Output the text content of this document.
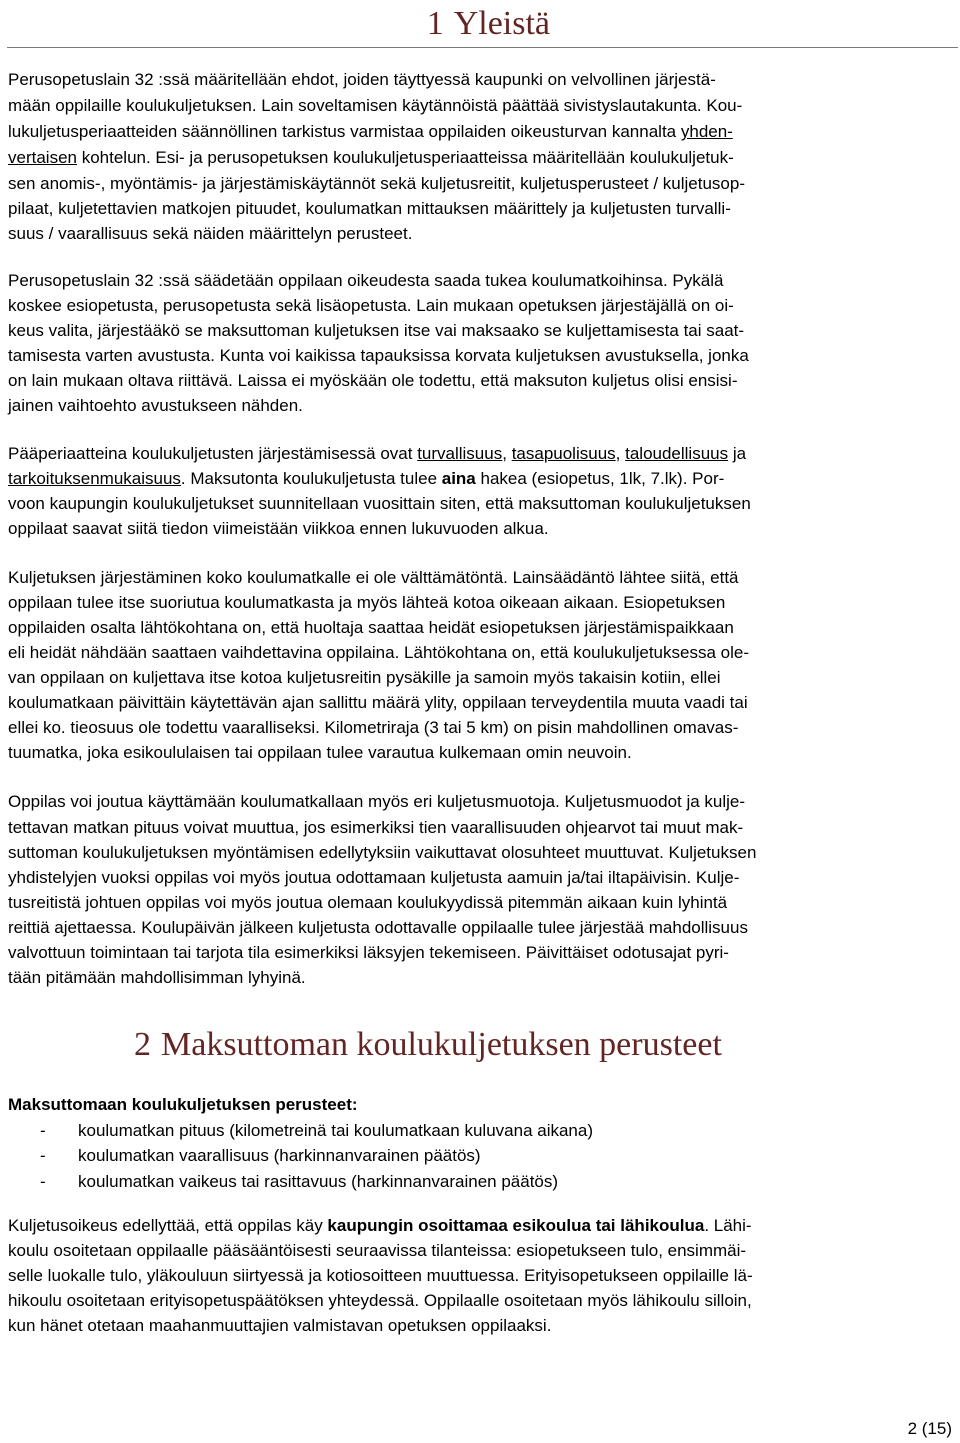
1 Yleistä
Perusopetuslain 32 :ssä määritellään ehdot, joiden täyttyessä kaupunki on velvollinen järjestä-
mään oppilaille koulukuljetuksen. Lain soveltamisen käytännöistä päättää sivistyslautakunta. Kou-
lukuljetusperiaatteiden säännöllinen tarkistus varmistaa oppilaiden oikeusturvan kannalta yhden-
vertaisen kohtelun. Esi- ja perusopetuksen koulukuljetusperiaatteissa määritellään koulukuljetuk-
sen anomis-, myöntämis- ja järjestämiskäytännöt sekä kuljetusreitit, kuljetusperusteet / kuljetusop-
pilaat, kuljetettavien matkojen pituudet, koulumatkan mittauksen määrittely ja kuljetusten turvalli-
suus / vaarallisuus sekä näiden määrittelyn perusteet.
Perusopetuslain 32 :ssä säädetään oppilaan oikeudesta saada tukea koulumatkoihinsa. Pykälä
koskee esiopetusta, perusopetusta sekä lisäopetusta. Lain mukaan opetuksen järjestäjällä on oi-
keus valita, järjestääkö se maksuttoman kuljetuksen itse vai maksaako se kuljettamisesta tai saat-
tamisesta varten avustusta. Kunta voi kaikissa tapauksissa korvata kuljetuksen avustuksella, jonka
on lain mukaan oltava riittävä. Laissa ei myöskään ole todettu, että maksuton kuljetus olisi ensisi-
jainen vaihtoehto avustukseen nähden.
Pääperiaatteina koulukuljetusten järjestämisessä ovat turvallisuus, tasapuolisuus, taloudellisuus ja
tarkoituksenmukaisuus. Maksutonta koulukuljetusta tulee aina hakea (esiopetus, 1lk, 7.lk). Por-
voon kaupungin koulukuljetukset suunnitellaan vuosittain siten, että maksuttoman koulukuljetuksen
oppilaat saavat siitä tiedon viimeistään viikkoa ennen lukuvuoden alkua.
Kuljetuksen järjestäminen koko koulumatkalle ei ole välttämätöntä. Lainsäädäntö lähtee siitä, että
oppilaan tulee itse suoriutua koulumatkasta ja myös lähteä kotoa oikeaan aikaan. Esiopetuksen
oppilaiden osalta lähtökohtana on, että huoltaja saattaa heidät esiopetuksen järjestämispaikkaan
eli heidät nähdään saattaen vaihdettavina oppilaina. Lähtökohtana on, että koulukuljetuksessa ole-
van oppilaan on kuljettava itse kotoa kuljetusreitin pysäkille ja samoin myös takaisin kotiin, ellei
koulumatkaan päivittäin käytettävän ajan sallittu määrä ylity, oppilaan terveydentila muuta vaadi tai
ellei ko. tieosuus ole todettu vaaralliseksi. Kilometriraja (3 tai 5 km) on pisin mahdollinen omavas-
tuumatka, joka esikoululaisen tai oppilaan tulee varautua kulkemaan omin neuvoin.
Oppilas voi joutua käyttämään koulumatkallaan myös eri kuljetusmuotoja. Kuljetusmuodot ja kulje-
tettavan matkan pituus voivat muuttua, jos esimerkiksi tien vaarallisuuden ohjearvot tai muut mak-
suttoman koulukuljetuksen myöntämisen edellytyksiin vaikuttavat olosuhteet muuttuvat. Kuljetuksen
yhdistelyjen vuoksi oppilas voi myös joutua odottamaan kuljetusta aamuin ja/tai iltapäivisin. Kulje-
tusreitistä johtuen oppilas voi myös joutua olemaan koulukyydissä pitemmän aikaan kuin lyhintä
reittiä ajettaessa. Koulupäivän jälkeen kuljetusta odottavalle oppilaalle tulee järjestää mahdollisuus
valvottuun toimintaan tai tarjota tila esimerkiksi läksyjen tekemiseen. Päivittäiset odotusajat pyri-
tään pitämään mahdollisimman lyhyinä.
2 Maksuttoman koulukuljetuksen perusteet
Maksuttomaan koulukuljetuksen perusteet:
- koulumatkan pituus (kilometreinä tai koulumatkaan kuluvana aikana)
- koulumatkan vaarallisuus (harkinnanvarainen päätös)
- koulumatkan vaikeus tai rasittavuus (harkinnanvarainen päätös)
Kuljetusoikeus edellyttää, että oppilas käy kaupungin osoittamaa esikoulua tai lähikoulua. Lähi-
koulu osoitetaan oppilaalle pääsääntöisesti seuraavissa tilanteissa: esiopetukseen tulo, ensimmäi-
selle luokalle tulo, yläkouluun siirtyessä ja kotiosoitteen muuttuessa. Erityisopetukseen oppilaille lä-
hikoulu osoitetaan erityisopetuspäätöksen yhteydessä. Oppilaalle osoitetaan myös lähikoulu silloin,
kun hänet otetaan maahanmuuttajien valmistavan opetuksen oppilaaksi.
2 (15)
